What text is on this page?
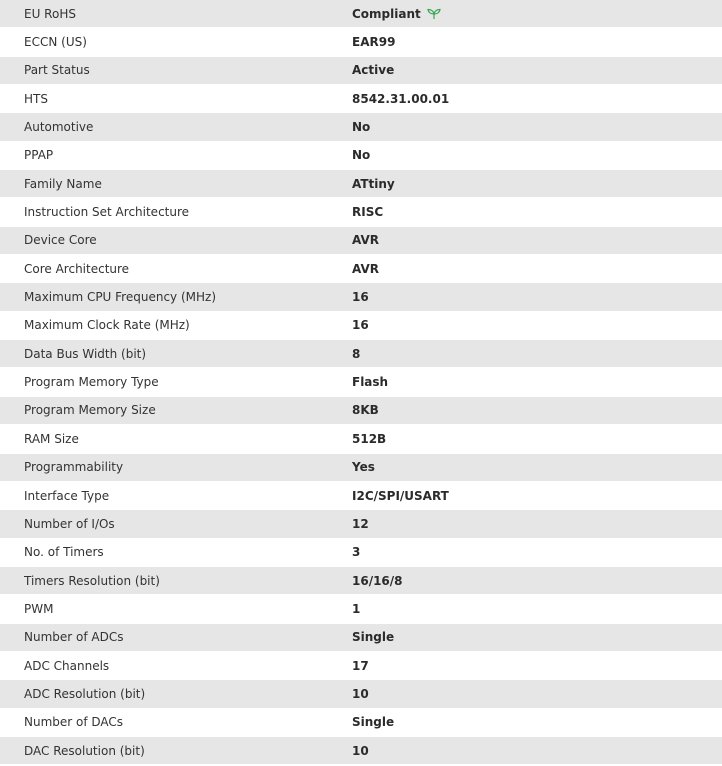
EU RoHS	Compliant
ECCN (US)	EAR99
Part Status	Active
HTS	8542.31.00.01
Automotive	No
PPAP	No
Family Name	ATtiny
Instruction Set Architecture	RISC
Device Core	AVR
Core Architecture	AVR
Maximum CPU Frequency (MHz)	16
Maximum Clock Rate (MHz)	16
Data Bus Width (bit)	8
Program Memory Type	Flash
Program Memory Size	8KB
RAM Size	512B
Programmability	Yes
Interface Type	I2C/SPI/USART
Number of I/Os	12
No. of Timers	3
Timers Resolution (bit)	16/16/8
PWM	1
Number of ADCs	Single
ADC Channels	17
ADC Resolution (bit)	10
Number of DACs	Single
DAC Resolution (bit)	10
